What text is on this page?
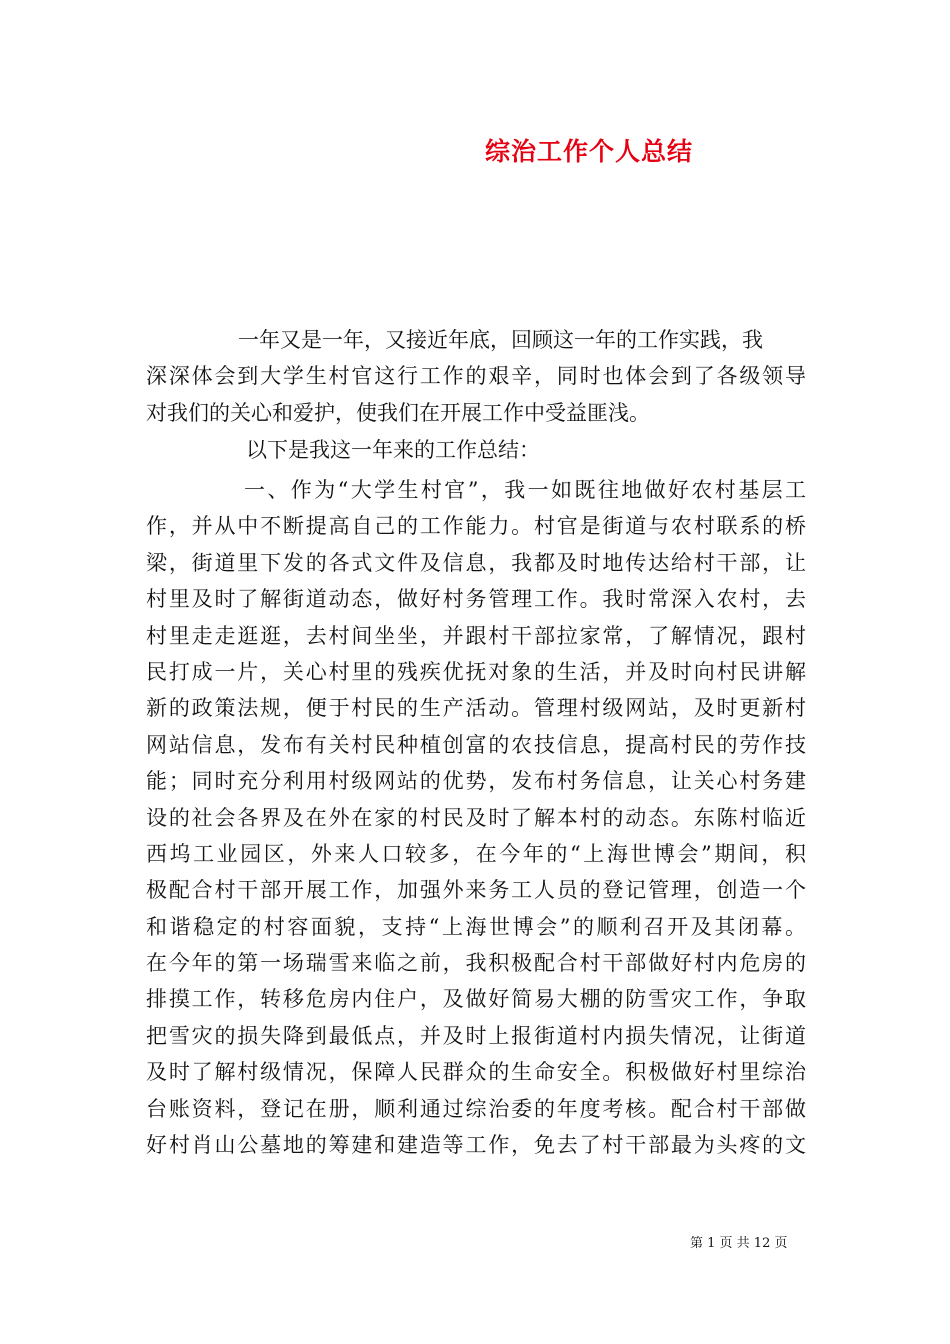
综治工作个人总结
一年又是一年，又接近年底，回顾这一年的工作实践，我
深深体会到大学生村官这行工作的艰辛，同时也体会到了各级领导
对我们的关心和爱护，使我们在开展工作中受益匪浅。
以下是我这一年来的工作总结：
一、作为“大学生村官”，我一如既往地做好农村基层工
作，并从中不断提高自己的工作能力。村官是街道与农村联系的桥
梁，街道里下发的各式文件及信息，我都及时地传达给村干部，让
村里及时了解街道动态，做好村务管理工作。我时常深入农村，去
村里走走逛逛，去村间坐坐，并跟村干部拉家常，了解情况，跟村
民打成一片，关心村里的残疾优抚对象的生活，并及时向村民讲解
新的政策法规，便于村民的生产活动。管理村级网站，及时更新村
网站信息，发布有关村民种植创富的农技信息，提高村民的劳作技
能；同时充分利用村级网站的优势，发布村务信息，让关心村务建
设的社会各界及在外在家的村民及时了解本村的动态。东陈村临近
西坞工业园区，外来人口较多，在今年的“上海世博会”期间，积
极配合村干部开展工作，加强外来务工人员的登记管理，创造一个
和谐稳定的村容面貌，支持“上海世博会”的顺利召开及其闭幕。
在今年的第一场瑞雪来临之前，我积极配合村干部做好村内危房的
排摸工作，转移危房内住户，及做好简易大棚的防雪灾工作，争取
把雪灾的损失降到最低点，并及时上报街道村内损失情况，让街道
及时了解村级情况，保障人民群众的生命安全。积极做好村里综治
台账资料，登记在册，顺利通过综治委的年度考核。配合村干部做
好村肖山公墓地的筹建和建造等工作，免去了村干部最为头疼的文
第 1 页 共 12 页
